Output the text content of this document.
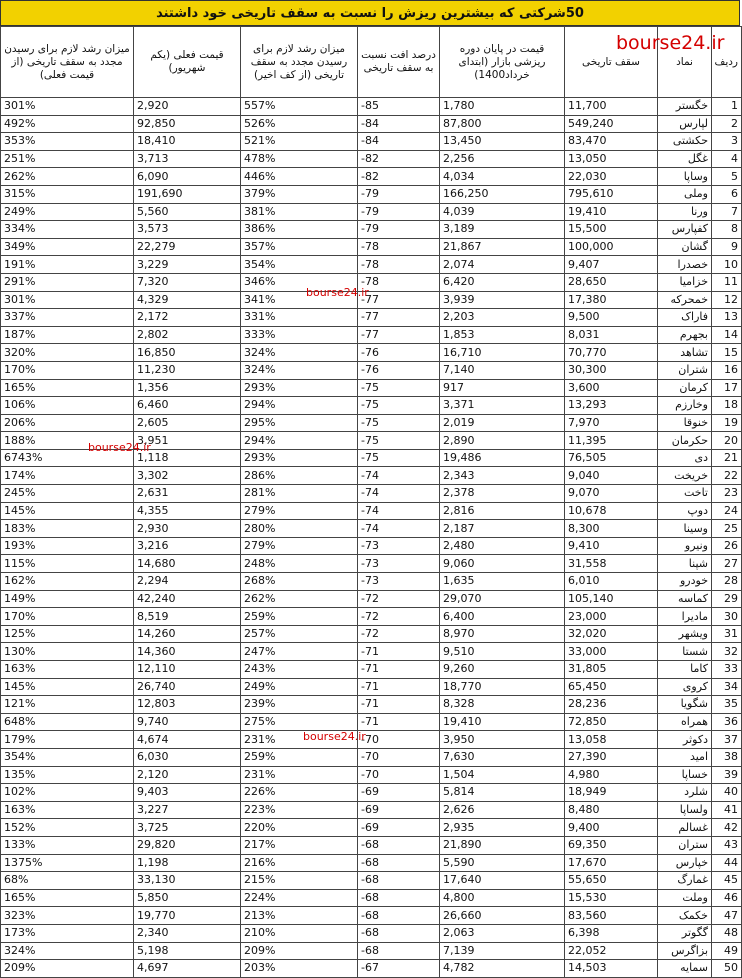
50شرکتی که بیشترین ریزش را نسبت به سقف تاریخی خود داشتند
ردیف	نماد	سقف تاریخی	قیمت در پایان دوره ریزشی بازار (ابتدای خرداد1400)	درصد افت نسبت به سقف تاریخی	میزان رشد لازم برای رسیدن مجدد به سقف تاریخی (از کف اخیر)	قیمت فعلی (یکم شهریور)	میزان رشد لازم برای رسیدن مجدد به سقف تاریخی (از قیمت فعلی)
1	خگستر	11,700	1,780	-85	557%	2,920	301%
2	لپارس	549,240	87,800	-84	526%	92,850	492%
3	حکشتی	83,470	13,450	-84	521%	18,410	353%
4	غگل	13,050	2,256	-82	478%	3,713	251%
5	وساپا	22,030	4,034	-82	446%	6,090	262%
6	وملی	795,610	166,250	-79	379%	191,690	315%
7	ورنا	19,410	4,039	-79	381%	5,560	249%
8	کفپارس	15,500	3,189	-79	386%	3,573	334%
9	گشان	100,000	21,867	-78	357%	22,279	349%
10	خصدرا	9,407	2,074	-78	354%	3,229	191%
11	خزامیا	28,650	6,420	-78	346%	7,320	291%
12	خمحرکه	17,380	3,939	-77	341%	4,329	301%
13	فاراک	9,500	2,203	-77	331%	2,172	337%
14	بجهرم	8,031	1,853	-77	333%	2,802	187%
15	تشاهد	70,770	16,710	-76	324%	16,850	320%
16	شتران	30,300	7,140	-76	324%	11,230	170%
17	کرمان	3,600	917	-75	293%	1,356	165%
18	وخارزم	13,293	3,371	-75	294%	6,460	106%
19	خنوقا	7,970	2,019	-75	295%	2,605	206%
20	حکرمان	11,395	2,890	-75	294%	3,951	188%
21	دی	76,505	19,486	-75	293%	1,118	6743%
22	خریخت	9,040	2,343	-74	286%	3,302	174%
23	تاخت	9,070	2,378	-74	281%	2,631	245%
24	دوپ	10,678	2,816	-74	279%	4,355	145%
25	وسینا	8,300	2,187	-74	280%	2,930	183%
26	ونیرو	9,410	2,480	-73	279%	3,216	193%
27	شپنا	31,558	9,060	-73	248%	14,680	115%
28	خودرو	6,010	1,635	-73	268%	2,294	162%
29	کماسه	105,140	29,070	-72	262%	42,240	149%
30	مادیرا	23,000	6,400	-72	259%	8,519	170%
31	ویشهر	32,020	8,970	-72	257%	14,260	125%
32	شستا	33,000	9,510	-71	247%	14,360	130%
33	کاما	31,805	9,260	-71	243%	12,110	163%
34	کروی	65,450	18,770	-71	249%	26,740	145%
35	شگویا	28,236	8,328	-71	239%	12,803	121%
36	همراه	72,850	19,410	-71	275%	9,740	648%
37	دکوثر	13,058	3,950	-70	231%	4,674	179%
38	امید	27,390	7,630	-70	259%	6,030	354%
39	خساپا	4,980	1,504	-70	231%	2,120	135%
40	شلرد	18,949	5,814	-69	226%	9,403	102%
41	ولساپا	8,480	2,626	-69	223%	3,227	163%
42	غسالم	9,400	2,935	-69	220%	3,725	152%
43	ستران	69,350	21,890	-68	217%	29,820	133%
44	خپارس	17,670	5,590	-68	216%	1,198	1375%
45	غمارگ	55,650	17,640	-68	215%	33,130	68%
46	وملت	15,530	4,800	-68	224%	5,850	165%
47	خکمک	83,560	26,660	-68	213%	19,770	323%
48	گگوتر	6,398	2,063	-68	210%	2,340	173%
49	بزاگرس	22,052	7,139	-68	209%	5,198	324%
50	سمایه	14,503	4,782	-67	203%	4,697	209%
bourse24.ir
bourse24.ir
bourse24.ir
bourse24.ir
